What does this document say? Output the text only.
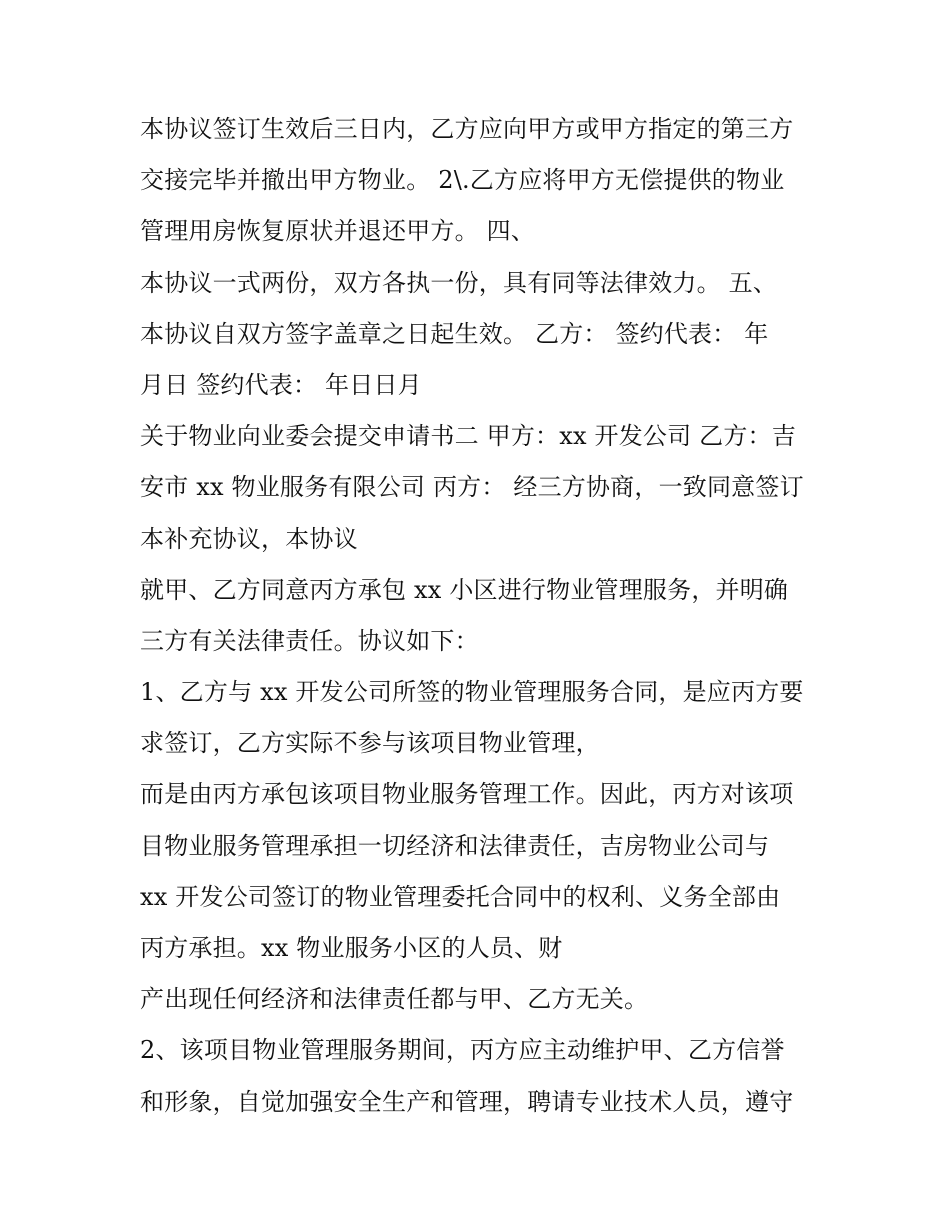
本协议签订生效后三日内，乙方应向甲方或甲方指定的第三方
交接完毕并撤出甲方物业。 2\.乙方应将甲方无偿提供的物业
管理用房恢复原状并退还甲方。 四、
本协议一式两份，双方各执一份，具有同等法律效力。 五、
本协议自双方签字盖章之日起生效。 乙方： 签约代表： 年
月日 签约代表： 年日日月
关于物业向业委会提交申请书二 甲方：xx 开发公司 乙方：吉
安市 xx 物业服务有限公司 丙方： 经三方协商，一致同意签订
本补充协议，本协议
就甲、乙方同意丙方承包 xx 小区进行物业管理服务，并明确
三方有关法律责任。协议如下：
1、乙方与 xx 开发公司所签的物业管理服务合同，是应丙方要
求签订，乙方实际不参与该项目物业管理，
而是由丙方承包该项目物业服务管理工作。因此，丙方对该项
目物业服务管理承担一切经济和法律责任，吉房物业公司与
xx 开发公司签订的物业管理委托合同中的权利、义务全部由
丙方承担。xx 物业服务小区的人员、财
产出现任何经济和法律责任都与甲、乙方无关。
2、该项目物业管理服务期间，丙方应主动维护甲、乙方信誉
和形象，自觉加强安全生产和管理，聘请专业技术人员，遵守
